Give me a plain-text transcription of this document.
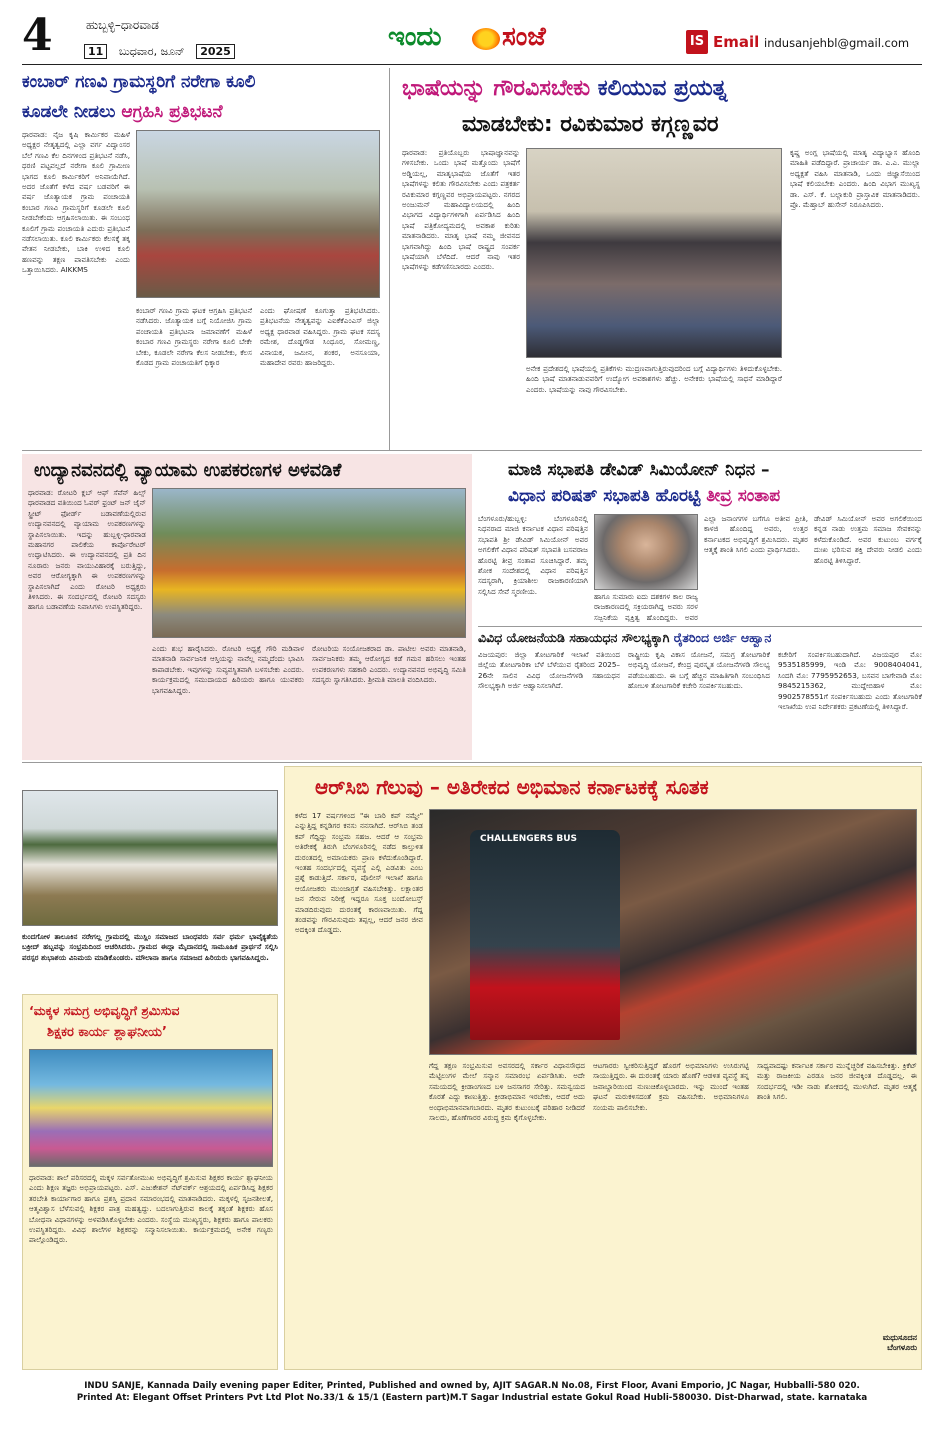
4	ಹುಬ್ಬಳ್ಳಿ–ಧಾರವಾಡ
11 ಬುಧವಾರ, ಜೂನ್ 2025	ಇಂದು ಸಂಜೆ	IS Email indusanjehbl@gmail.com
ಕಂಬಾರ್ ಗಣವಿ ಗ್ರಾಮಸ್ಥರಿಗೆ ನರೇಗಾ ಕೂಲಿ
ಕೂಡಲೇ ನೀಡಲು ಆಗ್ರಹಿಸಿ ಪ್ರತಿಭಟನೆ
ಧಾರವಾಡ: ನೈಜ ಕೃಷಿ ಕಾರ್ಮಿಕರ ಮಹಿಳೆ ಅಧ್ಯಕ್ಷರ ನೇತೃತ್ವದಲ್ಲಿ ಎಲ್ಲಾ ವರ್ಗ ವಿದ್ವಾಂಸರ ಬೆಲೆ ಗಣವಿ ಕೆಲ ದಿನಗಳಿಂದ ಪ್ರತಿಭಟನೆ ನಡೆಸಿ, ಧರಣಿ ಪಟ್ಟವಲ್ಲದೆ ನರೇಗಾ ಕೂಲಿ ಗ್ರಾಮೀಣ ಭಾಗದ ಕೂಲಿ ಕಾರ್ಮಿಕರಿಗೆ ಅನಿವಾಯೆಗಿದೆ. ಅದರ ಜೊತೆಗೆ ಕಳೆದ ವರ್ಷ ಬಡವರಿಗೆ ಈ ವರ್ಷ ಜೊತ್ಯಾಯಕ ಗ್ರಾಮ ಪಂಚಾಯತಿ ಕಂಬಾರ ಗಣವಿ ಗ್ರಾಮಸ್ಥರಿಗೆ ಕೂಡಲೇ ಕೂಲಿ ನೀಡಬೇಕೆಂದು ಆಗ್ರಹಿಸಲಾಯಿತು. ಈ ಸಂಬಂಧ ಕೂಲಿಗೆ ಗ್ರಾಮ ಪಂಚಾಯತಿ ಎದುರು ಪ್ರತಿಭಟನೆ ನಡೆಸಲಾಯಿತು. ಕೂಲಿ ಕಾರ್ಮಿಕರು ಕೆಲಸಕ್ಕೆ ತಕ್ಕ ವೇತನ ನೀಡಬೇಕು, ಬಾಕಿ ಉಳಿದ ಕೂಲಿ ಹಣವನ್ನು ತಕ್ಷಣ ಪಾವತಿಸಬೇಕು ಎಂದು ಒತ್ತಾಯಿಸಿದರು. AIKKMS
ಕಂಬಾರ್ ಗಣವಿ ಗ್ರಾಮ ಘಟಕ ಆಗ್ರಹಿಸಿ ಪ್ರತಿಭಟನೆ ನಡೆಸಿದರು. ಜೊತ್ಯಾಯಕ ಬಗ್ಗೆ ನಿಯೋಜಿಸಿ ಗ್ರಾಮ ಪಂಚಾಯತಿ ಪ್ರತಿಭಟನಾ ಜಮಾವಣೆಗೆ ಮಹಿಳೆ ಕಂಬಾರ ಗಣವಿ ಗ್ರಾಮಸ್ಥರು ನರೇಗಾ ಕೂಲಿ ಬೇಕೇ ಬೇಕು, ಕೂಡಲೇ ನರೇಗಾ ಕೆಲಸ ನೀಡಬೇಕು, ಕೆಲಸ ಕೊಡದ ಗ್ರಾಮ ಪಂಚಾಯತಿಗೆ ಧಿಕ್ಕಾರ
ಎಂದು ಘೋಷಣೆ ಕೂಗುತ್ತಾ ಪ್ರತಿಭಟಿಸಿದರು. ಪ್ರತಿಭಟನೆಯ ನೇತೃತ್ವವನ್ನು ಎಐಕೆಕೆಎಂಎಸ್ ಜಿಲ್ಲಾ ಅಧ್ಯಕ್ಷ ಧಾರವಾಡ ವಹಿಸಿದ್ದರು. ಗ್ರಾಮ ಘಟಕ ಸದಸ್ಯ ರಮೇಶ, ದೊಡ್ಡಗೌಡ ಸಿಂಧೂರ, ಸೋಮಣ್ಣ, ವಿನಾಯಕ, ಜಮೀನ, ಶಂಕರ, ಅನಸೂಯಾ, ಮಹಾದೇವ ರವರು ಹಾಜರಿದ್ದರು.
ಭಾಷೆಯನ್ನು ಗೌರವಿಸಬೇಕು ಕಲಿಯುವ ಪ್ರಯತ್ನ
ಮಾಡಬೇಕು: ರವಿಕುಮಾರ ಕಗ್ಗಣ್ಣವರ
ಧಾರವಾಡ: ಪ್ರತಿಯೊಬ್ಬರು ಭಾಷಾಜ್ಞಾನವನ್ನು ಗಳಿಸಬೇಕು. ಒಂದು ಭಾಷೆ ಮತ್ತೊಂದು ಭಾಷೆಗೆ ಅಡ್ಡಿಯಲ್ಲ, ಮಾತೃಭಾಷೆಯ ಜೊತೆಗೆ ಇತರ ಭಾಷೆಗಳನ್ನು ಕಲಿತು ಗೌರವಿಸಬೇಕು ಎಂದು ಪತ್ರಕರ್ತ ರವಿಕುಮಾರ ಕಗ್ಗಣ್ಣವರ ಅಭಿಪ್ರಾಯಪಟ್ಟರು. ನಗರದ ಅಂಜುಮನ್ ಮಹಾವಿದ್ಯಾಲಯದಲ್ಲಿ ಹಿಂದಿ ವಿಭಾಗದ ವಿದ್ಯಾರ್ಥಿಗಳಿಗಾಗಿ ಏರ್ಪಡಿಸಿದ ಹಿಂದಿ ಭಾಷೆ ಪತ್ರಿಕೋದ್ಯಮದಲ್ಲಿ ಅವಕಾಶ ಕುರಿತು ಮಾತನಾಡಿದರು. ಮಾತೃ ಭಾಷೆ ನಮ್ಮ ಜೀವನದ ಭಾಗವಾಗಿದ್ದು ಹಿಂದಿ ಭಾಷೆ ರಾಷ್ಟ್ರದ ಸಂಪರ್ಕ ಭಾಷೆಯಾಗಿ ಬೆಳೆದಿದೆ. ಆದರೆ ನಾವು ಇತರ ಭಾಷೆಗಳನ್ನು ಕಡೆಗಣಿಸಬಾರದು ಎಂದರು.
ಅನೇಕ ಪ್ರದೇಶದಲ್ಲಿ ಭಾಷೆಯಲ್ಲಿ ಪ್ರತಿಕೆಗಳು ಮುದ್ರಣವಾಗುತ್ತಿರುವುದರಿಂದ ಬಗ್ಗೆ ವಿದ್ಯಾರ್ಥಿಗಳು ತಿಳಿದುಕೊಳ್ಳಬೇಕು. ಹಿಂದಿ ಭಾಷೆ ಮಾತನಾಡುವವರಿಗೆ ಉದ್ಯೋಗ ಅವಕಾಶಗಳು ಹೆಚ್ಚು. ಅನೇಕರು ಭಾಷೆಯಲ್ಲಿ ಸಾಧನೆ ಮಾಡಿದ್ದಾರೆ ಎಂದರು. ಭಾಷೆಯನ್ನು ನಾವು ಗೌರವಿಸಬೇಕು.
ಕೃಷ್ಣ ಅಂಗ್ಲ ಭಾಷೆಯಲ್ಲಿ ಮಾತೃ ವಿದ್ಯಾಭ್ಯಾಸ ಹೊಂದಿ ಮಾಹಿತಿ ಪಡೆದಿದ್ದಾರೆ. ಪ್ರಾಚಾರ್ಯ ಡಾ. ಎ.ಎ. ಮುಲ್ಲಾ ಅಧ್ಯಕ್ಷತೆ ವಹಿಸಿ ಮಾತನಾಡಿ, ಒಂದು ಜಿಜ್ಞಾಸೆಯಿಂದ ಭಾಷೆ ಕಲಿಯಬೇಕು ಎಂದರು. ಹಿಂದಿ ವಿಭಾಗ ಮುಖ್ಯಸ್ಥ ಡಾ. ಎಸ್. ಕೆ. ಬಲ್ಲಾಕುರಿ ಪ್ರಾಸ್ತಾವಿಕ ಮಾತನಾಡಿದರು. ಪ್ರೊ. ಮೆಹ್ತಾಬ್ ಹುಸೇನ್ ನಿರೂಪಿಸಿದರು.
ಉದ್ಯಾನವನದಲ್ಲಿ ವ್ಯಾಯಾಮ ಉಪಕರಣಗಳ ಅಳವಡಿಕೆ
ಧಾರವಾಡ: ರೋಟರಿ ಕ್ಲಬ್ ಆಫ್ ಸೆವೆನ್ ಹಿಲ್ಸ್ ಧಾರವಾಡದ ವತಿಯಿಂದ ಓವರ್ ಫ್ರಂಟ್ ಜನ್ ಜೈನ್ ಸ್ಟ್ರೀಟ್ ಫೋರ್ಡ್ ಬಡಾವಣೆಯಲ್ಲಿರುವ ಉದ್ಯಾನವನದಲ್ಲಿ ವ್ಯಾಯಾಮ ಉಪಕರಣಗಳನ್ನು ಸ್ಥಾಪಿಸಲಾಯಿತು. ಇದನ್ನು ಹುಬ್ಬಳ್ಳಿ-ಧಾರವಾಡ ಮಹಾನಗರ ಪಾಲಿಕೆಯ ಕಾರ್ಪೊರೇಟರ್ ಉದ್ಘಾಟಿಸಿದರು. ಈ ಉದ್ಯಾನವನದಲ್ಲಿ ಪ್ರತಿ ದಿನ ನೂರಾರು ಜನರು ವಾಯುವಿಹಾರಕ್ಕೆ ಬರುತ್ತಿದ್ದು, ಅವರ ಆರೋಗ್ಯಕ್ಕಾಗಿ ಈ ಉಪಕರಣಗಳನ್ನು ಸ್ಥಾಪಿಸಲಾಗಿದೆ ಎಂದು ರೋಟರಿ ಅಧ್ಯಕ್ಷರು ತಿಳಿಸಿದರು. ಈ ಸಂದರ್ಭದಲ್ಲಿ ರೋಟರಿ ಸದಸ್ಯರು ಹಾಗೂ ಬಡಾವಣೆಯ ನಿವಾಸಿಗಳು ಉಪಸ್ಥಿತರಿದ್ದರು.
ಎಂದು ಶುಭ ಹಾರೈಸಿದರು. ರೋಟರಿ ಅಧ್ಯಕ್ಷೆ ಗೌರಿ ಮಡಿವಾಳ ಮಾತನಾಡಿ ಸಾರ್ವಜನಿಕ ಆಸ್ತಿಯನ್ನು ನಾವೆಲ್ಲ ನಮ್ಮದೆಂದು ಭಾವಿಸಿ ಕಾಪಾಡಬೇಕು. ಇವುಗಳನ್ನು ಸುವ್ಯವಸ್ಥಿತವಾಗಿ ಬಳಸಬೇಕು ಎಂದರು. ಕಾರ್ಯಕ್ರಮದಲ್ಲಿ ಸಮುದಾಯದ ಹಿರಿಯರು ಹಾಗೂ ಯುವಕರು ಭಾಗವಹಿಸಿದ್ದರು.
ರೋಟರಿಯ ಸಂಯೋಜಕರಾದ ಡಾ. ಪಾಟೀಲ ಅವರು ಮಾತನಾಡಿ, ಸಾರ್ವಜನಿಕರು ತಮ್ಮ ಆರೋಗ್ಯದ ಕಡೆ ಗಮನ ಹರಿಸಲು ಇಂತಹ ಉಪಕರಣಗಳು ಸಹಕಾರಿ ಎಂದರು. ಉದ್ಯಾನವನದ ಅಭಿವೃದ್ಧಿ ಸಮಿತಿ ಸದಸ್ಯರು ಸ್ವಾಗತಿಸಿದರು. ಶ್ರೀಮತಿ ಮಾಲತಿ ವಂದಿಸಿದರು.
ಮಾಜಿ ಸಭಾಪತಿ ಡೇವಿಡ್ ಸಿಮಿಯೋನ್ ನಿಧನ –
ವಿಧಾನ ಪರಿಷತ್ ಸಭಾಪತಿ ಹೊರಟ್ಟಿ ತೀವ್ರ ಸಂತಾಪ
ಬೆಂಗಳೂರು/ಹುಬ್ಬಳ್ಳಿ: ಬೆಂಗಳೂರಿನಲ್ಲಿ ನಿಧನರಾದ ಮಾಜಿ ಕರ್ನಾಟಕ ವಿಧಾನ ಪರಿಷತ್ತಿನ ಸಭಾಪತಿ ಶ್ರೀ ಡೇವಿಡ್ ಸಿಮಿಯೋನ್ ಅವರ ಅಗಲಿಕೆಗೆ ವಿಧಾನ ಪರಿಷತ್ ಸಭಾಪತಿ ಬಸವರಾಜ ಹೊರಟ್ಟಿ ತೀವ್ರ ಸಂತಾಪ ಸೂಚಿಸಿದ್ದಾರೆ. ತಮ್ಮ ಶೋಕ ಸಂದೇಶದಲ್ಲಿ ವಿಧಾನ ಪರಿಷತ್ತಿನ ಸದಸ್ಯರಾಗಿ, ಕ್ರಿಯಾಶೀಲ ರಾಜಕಾರಣಿಯಾಗಿ ಸಲ್ಲಿಸಿದ ಸೇವೆ ಸ್ಮರಣೀಯ.
ಹಾಗೂ ಸುಮಾರು ಐದು ದಶಕಗಳ ಕಾಲ ರಾಜ್ಯ ರಾಜಕಾರಣದಲ್ಲಿ ಸಕ್ರಿಯರಾಗಿದ್ದ ಅವರು ಸರಳ ಸಜ್ಜನಿಕೆಯ ವ್ಯಕ್ತಿತ್ವ ಹೊಂದಿದ್ದರು. ಅವರ
ಎಲ್ಲಾ ಜನಾಂಗಗಳ ಬಗೆಗೂ ಅತೀವ ಪ್ರೀತಿ, ಕಾಳಜಿ ಹೊಂದಿದ್ದ ಅವರು, ಉತ್ತರ ಕರ್ನಾಟಕದ ಅಭಿವೃದ್ಧಿಗೆ ಶ್ರಮಿಸಿದರು. ಮೃತರ ಆತ್ಮಕ್ಕೆ ಶಾಂತಿ ಸಿಗಲಿ ಎಂದು ಪ್ರಾರ್ಥಿಸಿದರು.
ಡೇವಿಡ್ ಸಿಮಿಯೋನ್ ಅವರ ಅಗಲಿಕೆಯಿಂದ ಕನ್ನಡ ನಾಡು ಉತ್ತಮ ಸಮಾಜ ಸೇವಕನನ್ನು ಕಳೆದುಕೊಂಡಿದೆ. ಅವರ ಕುಟುಂಬ ವರ್ಗಕ್ಕೆ ದುಃಖ ಭರಿಸುವ ಶಕ್ತಿ ದೇವರು ನೀಡಲಿ ಎಂದು ಹೊರಟ್ಟಿ ತಿಳಿಸಿದ್ದಾರೆ.
ವಿವಿಧ ಯೋಜನೆಯಡಿ ಸಹಾಯಧನ ಸೌಲಭ್ಯಕ್ಕಾಗಿ ರೈತರಿಂದ ಅರ್ಜಿ ಆಹ್ವಾನ
ವಿಜಯಪುರ: ಜಿಲ್ಲಾ ತೋಟಗಾರಿಕೆ ಇಲಾಖೆ ವತಿಯಿಂದ ಜಿಲ್ಲೆಯ ತೋಟಗಾರಿಕಾ ಬೆಳೆ ಬೆಳೆಯುವ ರೈತರಿಂದ 2025–26ನೇ ಸಾಲಿನ ವಿವಿಧ ಯೋಜನೆಗಳಡಿ ಸಹಾಯಧನ ಸೌಲಭ್ಯಕ್ಕಾಗಿ ಅರ್ಜಿ ಆಹ್ವಾನಿಸಲಾಗಿದೆ.
ರಾಷ್ಟ್ರೀಯ ಕೃಷಿ ವಿಕಾಸ ಯೋಜನೆ, ಸಮಗ್ರ ತೋಟಗಾರಿಕೆ ಅಭಿವೃದ್ಧಿ ಯೋಜನೆ, ಕೇಂದ್ರ ಪುರಸ್ಕೃತ ಯೋಜನೆಗಳಡಿ ಸೌಲಭ್ಯ ಪಡೆಯಬಹುದು. ಈ ಬಗ್ಗೆ ಹೆಚ್ಚಿನ ಮಾಹಿತಿಗಾಗಿ ಸಂಬಂಧಿಸಿದ ಹೋಬಳಿ ತೋಟಗಾರಿಕೆ ಕಚೇರಿ ಸಂಪರ್ಕಿಸಬಹುದು.
ಕಚೇರಿಗೆ ಸಂಪರ್ಕಿಸಬಹುದಾಗಿದೆ. ವಿಜಯಪುರ ಮೊ: 9535185999, ಇಂಡಿ ಮೊ: 9008404041, ಸಿಂದಗಿ ಮೊ: 7795952653, ಬಸವನ ಬಾಗೇವಾಡಿ ಮೊ: 9845215362, ಮುದ್ದೇಬಿಹಾಳ ಮೊ: 9902578551ಗೆ ಸಂಪರ್ಕಿಸಬಹುದು ಎಂದು ತೋಟಗಾರಿಕೆ ಇಲಾಖೆಯ ಉಪ ನಿರ್ದೇಶಕರು ಪ್ರಕಟಣೆಯಲ್ಲಿ ತಿಳಿಸಿದ್ದಾರೆ.
ಕುಂದಗೋಳ ತಾಲೂಕಿನ ನರೇಗಲ್ಲ ಗ್ರಾಮದಲ್ಲಿ ಮುಸ್ಲಿಂ ಸಮಾಜದ ಬಾಂಧವರು ಸರ್ವ ಧರ್ಮ ಭಾವೈಕ್ಯತೆಯ ಬಕ್ರೀದ್ ಹಬ್ಬವನ್ನು ಸಂಭ್ರಮದಿಂದ ಆಚರಿಸಿದರು. ಗ್ರಾಮದ ಈದ್ಗಾ ಮೈದಾನದಲ್ಲಿ ಸಾಮೂಹಿಕ ಪ್ರಾರ್ಥನೆ ಸಲ್ಲಿಸಿ ಪರಸ್ಪರ ಶುಭಾಶಯ ವಿನಿಮಯ ಮಾಡಿಕೊಂಡರು. ಮೌಲಾನಾ ಹಾಗೂ ಸಮಾಜದ ಹಿರಿಯರು ಭಾಗವಹಿಸಿದ್ದರು.
‘ಮಕ್ಕಳ ಸಮಗ್ರ ಅಭಿವೃದ್ಧಿಗೆ ಶ್ರಮಿಸುವ
ಶಿಕ್ಷಕರ ಕಾರ್ಯ ಶ್ಲಾಘನೀಯ’
ಧಾರವಾಡ: ಶಾಲೆ ಪರಿಸರದಲ್ಲಿ ಮಕ್ಕಳ ಸರ್ವತೋಮುಖ ಅಭಿವೃದ್ಧಿಗೆ ಶ್ರಮಿಸುವ ಶಿಕ್ಷಕರ ಕಾರ್ಯ ಶ್ಲಾಘನೀಯ ಎಂದು ಶಿಕ್ಷಣ ತಜ್ಞರು ಅಭಿಪ್ರಾಯಪಟ್ಟರು. ಎಸ್. ಎಜುಕೇಶನ್ ನೆಟ್‌ವರ್ಕ್ ಆಶ್ರಯದಲ್ಲಿ ಏರ್ಪಡಿಸಿದ್ದ ಶಿಕ್ಷಕರ ತರಬೇತಿ ಕಾರ್ಯಾಗಾರ ಹಾಗೂ ಪ್ರಶಸ್ತಿ ಪ್ರದಾನ ಸಮಾರಂಭದಲ್ಲಿ ಮಾತನಾಡಿದರು. ಮಕ್ಕಳಲ್ಲಿ ಸೃಜನಶೀಲತೆ, ಆತ್ಮವಿಶ್ವಾಸ ಬೆಳೆಸುವಲ್ಲಿ ಶಿಕ್ಷಕರ ಪಾತ್ರ ಮಹತ್ವದ್ದು. ಬದಲಾಗುತ್ತಿರುವ ಕಾಲಕ್ಕೆ ತಕ್ಕಂತೆ ಶಿಕ್ಷಕರು ಹೊಸ ಬೋಧನಾ ವಿಧಾನಗಳನ್ನು ಅಳವಡಿಸಿಕೊಳ್ಳಬೇಕು ಎಂದರು. ಸಂಸ್ಥೆಯ ಮುಖ್ಯಸ್ಥರು, ಶಿಕ್ಷಕರು ಹಾಗೂ ಪಾಲಕರು ಉಪಸ್ಥಿತರಿದ್ದರು. ವಿವಿಧ ಶಾಲೆಗಳ ಶಿಕ್ಷಕರನ್ನು ಸನ್ಮಾನಿಸಲಾಯಿತು. ಕಾರ್ಯಕ್ರಮದಲ್ಲಿ ಅನೇಕ ಗಣ್ಯರು ಪಾಲ್ಗೊಂಡಿದ್ದರು.
ಆರ್‌ಸಿಬಿ ಗೆಲುವು – ಅತಿರೇಕದ ಅಭಿಮಾನ ಕರ್ನಾಟಕಕ್ಕೆ ಸೂತಕ
ಕಳೆದ 17 ವರ್ಷಗಳಿಂದ "ಈ ಬಾರಿ ಕಪ್ ನಮ್ದೇ" ಎನ್ನುತ್ತಿದ್ದ ಕನ್ನಡಿಗರ ಕನಸು ನನಸಾಗಿದೆ. ಆರ್‌ಸಿಬಿ ತಂಡ ಕಪ್ ಗೆದ್ದಿದ್ದು ಸಂಭ್ರಮ ಸಹಜ. ಆದರೆ ಆ ಸಂಭ್ರಮ ಅತಿರೇಕಕ್ಕೆ ತಿರುಗಿ ಬೆಂಗಳೂರಿನಲ್ಲಿ ನಡೆದ ಕಾಲ್ತುಳಿತ ದುರಂತದಲ್ಲಿ ಅಮಾಯಕರು ಪ್ರಾಣ ಕಳೆದುಕೊಂಡಿದ್ದಾರೆ. ಇಂತಹ ಸಂದರ್ಭದಲ್ಲಿ ವ್ಯವಸ್ಥೆ ಎಲ್ಲಿ ಎಡವಿತು ಎಂಬ ಪ್ರಶ್ನೆ ಕಾಡುತ್ತಿದೆ. ಸರ್ಕಾರ, ಪೊಲೀಸ್ ಇಲಾಖೆ ಹಾಗೂ ಆಯೋಜಕರು ಮುಂಜಾಗ್ರತೆ ವಹಿಸಬೇಕಿತ್ತು. ಲಕ್ಷಾಂತರ ಜನ ಸೇರುವ ನಿರೀಕ್ಷೆ ಇದ್ದರೂ ಸೂಕ್ತ ಬಂದೋಬಸ್ತ್ ಮಾಡದಿರುವುದು ದುರಂತಕ್ಕೆ ಕಾರಣವಾಯಿತು. ಗೆದ್ದ ತಂಡವನ್ನು ಗೌರವಿಸುವುದು ತಪ್ಪಲ್ಲ, ಆದರೆ ಜನರ ಜೀವ ಅದಕ್ಕಿಂತ ದೊಡ್ಡದು.
CHALLENGERS BUS
ಗೆದ್ದ ತಕ್ಷಣ ಸಂಭ್ರಮಿಸುವ ಅವಸರದಲ್ಲಿ ಸರ್ಕಾರ ವಿಧಾನಸೌಧದ ಮೆಟ್ಟಿಲುಗಳ ಮೇಲೆ ಸನ್ಮಾನ ಸಮಾರಂಭ ಏರ್ಪಡಿಸಿತು. ಅದೇ ಸಮಯದಲ್ಲಿ ಕ್ರೀಡಾಂಗಣದ ಬಳಿ ಜನಸಾಗರ ಸೇರಿತ್ತು. ಸಮನ್ವಯದ ಕೊರತೆ ಎದ್ದು ಕಾಣುತ್ತಿತ್ತು. ಕ್ರೀಡಾಭಿಮಾನ ಇರಬೇಕು, ಆದರೆ ಅದು ಅಂಧಾಭಿಮಾನವಾಗಬಾರದು. ಮೃತರ ಕುಟುಂಬಕ್ಕೆ ಪರಿಹಾರ ನೀಡಿದರೆ ಸಾಲದು, ಹೊಣೆಗಾರರ ವಿರುದ್ಧ ಕ್ರಮ ಕೈಗೊಳ್ಳಬೇಕು.
ಆಟಗಾರರು ಸ್ವೀಕರಿಸುತ್ತಿದ್ದರೆ ಹೊರಗೆ ಅಭಿಮಾನಿಗಳು ಉಸಿರುಗಟ್ಟಿ ಸಾಯುತ್ತಿದ್ದರು. ಈ ದುರಂತಕ್ಕೆ ಯಾರು ಹೊಣೆ? ಆಡಳಿತ ವ್ಯವಸ್ಥೆ ತನ್ನ ಜವಾಬ್ದಾರಿಯಿಂದ ನುಣುಚಿಕೊಳ್ಳಬಾರದು. ಇನ್ನು ಮುಂದೆ ಇಂತಹ ಘಟನೆ ಮರುಕಳಿಸದಂತೆ ಕ್ರಮ ವಹಿಸಬೇಕು. ಅಭಿಮಾನಿಗಳೂ ಸಂಯಮ ಪಾಲಿಸಬೇಕು.
ಸಾಧ್ಯವಾದಷ್ಟು ಕರ್ನಾಟಕ ಸರ್ಕಾರ ಮುನ್ನೆಚ್ಚರಿಕೆ ವಹಿಸಬೇಕಿತ್ತು. ಕ್ರಿಕೆಟ್ ಮತ್ತು ರಾಜಕೀಯ ಎರಡೂ ಜನರ ಜೀವಕ್ಕಿಂತ ದೊಡ್ಡದಲ್ಲ. ಈ ಸಂದರ್ಭದಲ್ಲಿ ಇಡೀ ನಾಡು ಶೋಕದಲ್ಲಿ ಮುಳುಗಿದೆ. ಮೃತರ ಆತ್ಮಕ್ಕೆ ಶಾಂತಿ ಸಿಗಲಿ.
ಮಧುಸೂದನ
ಬೆಂಗಳೂರು
INDU SANJE, Kannada Daily evening paper Editer, Printed, Published and owned by, AJIT SAGAR.N No.08, First Floor, Avani Emporio, JC Nagar, Hubballi-580 020.
Printed At: Elegant Offset Printers Pvt Ltd Plot No.33/1 & 15/1 (Eastern part)M.T Sagar Industrial estate Gokul Road Hubli-580030. Dist-Dharwad, state. karnataka
